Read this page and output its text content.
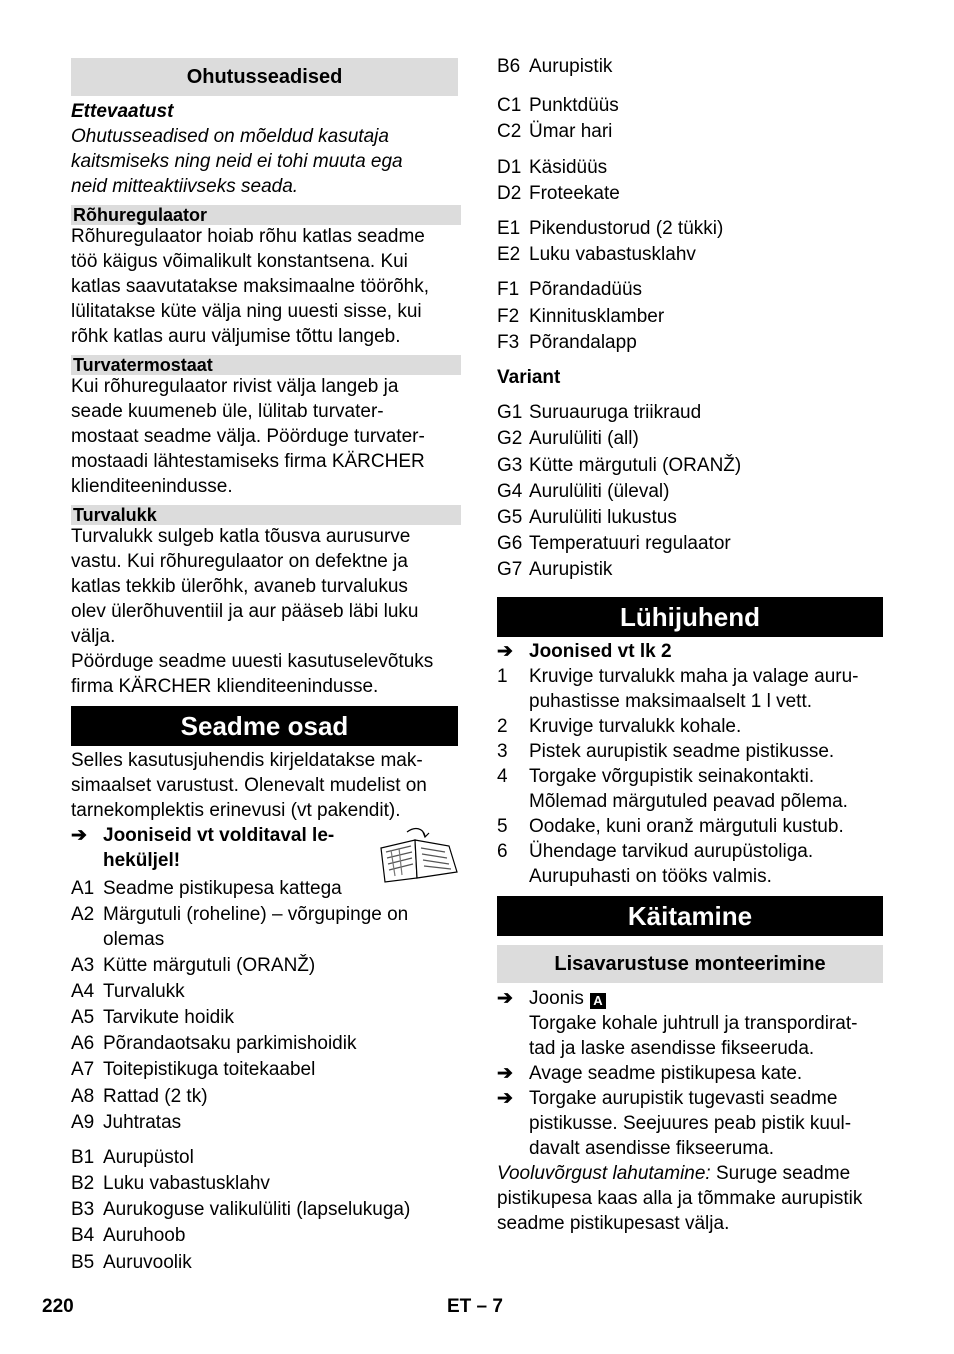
Ohutusseadised
Ettevaatust
Ohutusseadised on mõeldud kasutaja
kaitsmiseks ning neid ei tohi muuta ega
neid mitteaktiivseks seada.
Rõhuregulaator
Rõhuregulaator hoiab rõhu katlas seadme
töö käigus võimalikult konstantsena. Kui
katlas saavutatakse maksimaalne töörõhk,
lülitatakse küte välja ning uuesti sisse, kui
rõhk katlas auru väljumise tõttu langeb.
Turvatermostaat
Kui rõhuregulaator rivist välja langeb ja
seade kuumeneb üle, lülitab turvater-
mostaat seadme välja. Pöörduge turvater-
mostaadi lähtestamiseks firma KÄRCHER
klienditeenindusse.
Turvalukk
Turvalukk sulgeb katla tõusva aurusurve
vastu. Kui rõhuregulaator on defektne ja
katlas tekkib ülerõhk, avaneb turvalukus
olev ülerõhuventiil ja aur pääseb läbi luku
välja.
Pöörduge seadme uuesti kasutuselevõtuks
firma KÄRCHER klienditeenindusse.
Seadme osad
Selles kasutusjuhendis kirjeldatakse mak-
simaalset varustust. Olenevalt mudelist on
tarnekomplektis erinevusi (vt pakendit).
➔ Jooniseid vt volditaval le-
heküljel!
A1 Seadme pistikupesa kattega
A2 Märgutuli (roheline) – võrgupinge on
olemas
A3 Kütte märgutuli (ORANŽ)
A4 Turvalukk
A5 Tarvikute hoidik
A6 Põrandaotsaku parkimishoidik
A7 Toitepistikuga toitekaabel
A8 Rattad (2 tk)
A9 Juhtratas
B1 Aurupüstol
B2 Luku vabastusklahv
B3 Aurukoguse valikulüliti (lapselukuga)
B4 Auruhoob
B5 Auruvoolik
B6 Aurupistik
C1 Punktdüüs
C2 Ümar hari
D1 Käsidüüs
D2 Froteekate
E1 Pikendustorud (2 tükki)
E2 Luku vabastusklahv
F1 Põrandadüüs
F2 Kinnitusklamber
F3 Põrandalapp
Variant
G1 Suruauruga triikraud
G2 Aurulüliti (all)
G3 Kütte märgutuli (ORANŽ)
G4 Aurulüliti (üleval)
G5 Aurulüliti lukustus
G6 Temperatuuri regulaator
G7 Aurupistik
Lühijuhend
➔ Joonised vt lk 2
1 Kruvige turvalukk maha ja valage auru-
puhastisse maksimaalselt 1 l vett.
2 Kruvige turvalukk kohale.
3 Pistek aurupistik seadme pistikusse.
4 Torgake võrgupistik seinakontakti.
Mõlemad märgutuled peavad põlema.
5 Oodake, kuni oranž märgutuli kustub.
6 Ühendage tarvikud aurupüstoliga.
Aurupuhasti on tööks valmis.
Käitamine
Lisavarustuse monteerimine
➔ Joonis A
Torgake kohale juhtrull ja transpordirat-
tad ja laske asendisse fikseeruda.
➔ Avage seadme pistikupesa kate.
➔ Torgake aurupistik tugevasti seadme
pistikusse. Seejuures peab pistik kuul-
davalt asendisse fikseeruma.
Vooluvõrgust lahutamine: Suruge seadme
pistikupesa kaas alla ja tõmmake aurupistik
seadme pistikupesast välja.
220	ET – 7
